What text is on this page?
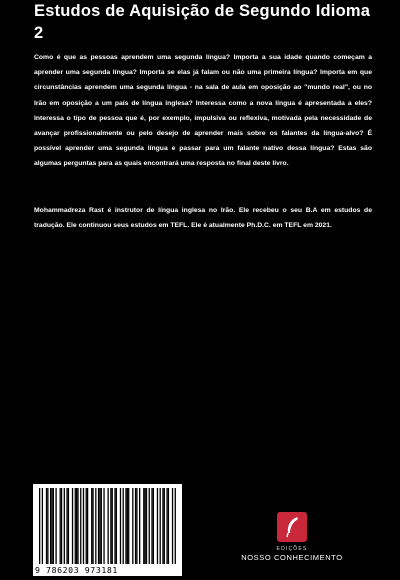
Estudos de Aquisição de Segundo Idioma 2
Como é que as pessoas aprendem uma segunda língua? Importa a sua idade quando começam a aprender uma segunda língua? Importa se elas já falam ou não uma primeira língua? Importa em que circunstâncias aprendem uma segunda língua - na sala de aula em oposição ao "mundo real", ou no Irão em oposição a um país de língua inglesa? Interessa como a nova língua é apresentada a eles? Interessa o tipo de pessoa que é, por exemplo, impulsiva ou reflexiva, motivada pela necessidade de avançar profissionalmente ou pelo desejo de aprender mais sobre os falantes da língua-alvo? É possível aprender uma segunda língua e passar para um falante nativo dessa língua? Estas são algumas perguntas para as quais encontrará uma resposta no final deste livro.
Mohammadreza Rast é instrutor de língua inglesa no Irão. Ele recebeu o seu B.A em estudos de tradução. Ele continuou seus estudos em TEFL. Ele é atualmente Ph.D.C. em TEFL em 2021.
9 786203 973181
EDIÇÕES
NOSSO CONHECIMENTO
